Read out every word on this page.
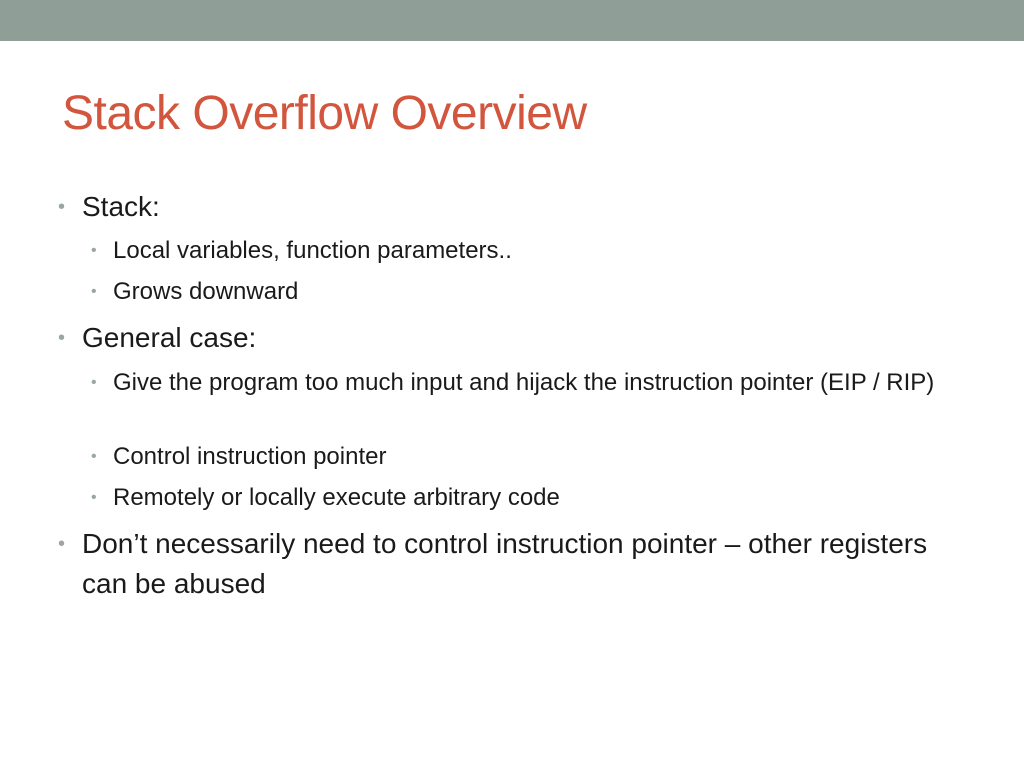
Stack Overflow Overview
• Stack:
• Local variables, function parameters..
• Grows downward
• General case:
• Give the program too much input and hijack the instruction pointer (EIP / RIP)
• Control instruction pointer
• Remotely or locally execute arbitrary code
• Don’t necessarily need to control instruction pointer – other registers can be abused
